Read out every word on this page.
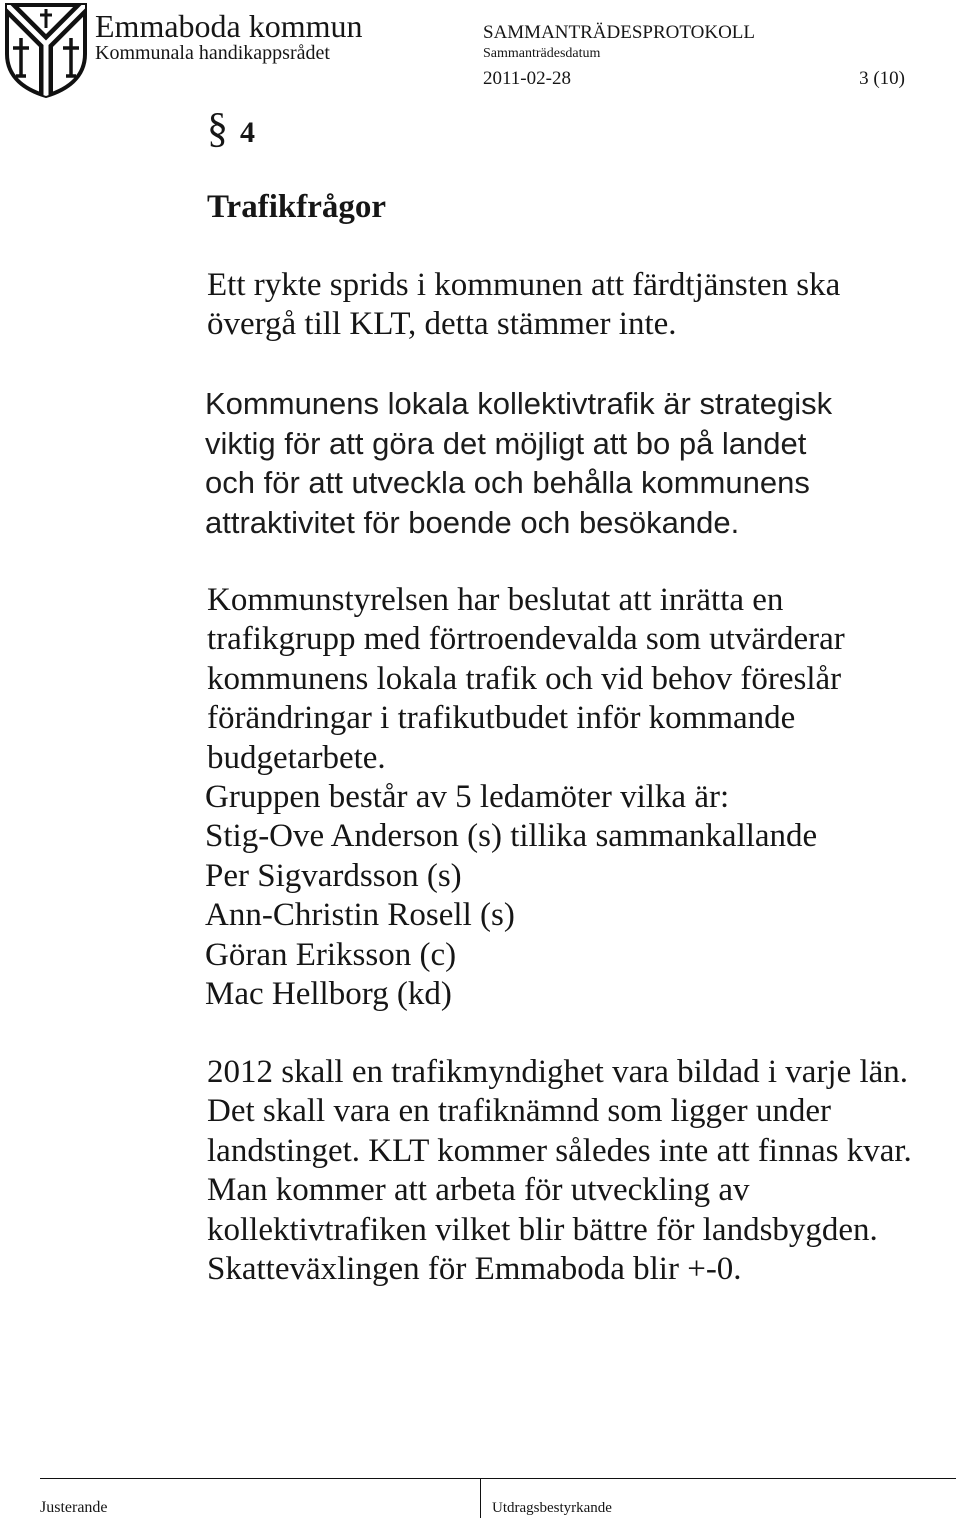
Emmaboda kommun
Kommunala handikappsrådet
SAMMANTRÄDESPROTOKOLL
Sammanträdesdatum
2011-02-28	3 (10)
§ 4
Trafikfrågor
Ett rykte sprids i kommunen att färdtjänsten ska
övergå till KLT, detta stämmer inte.
Kommunens lokala kollektivtrafik är strategisk
viktig för att göra det möjligt att bo på landet
och för att utveckla och behålla kommunens
attraktivitet för boende och besökande.
Kommunstyrelsen har beslutat att inrätta en
trafikgrupp med förtroendevalda som utvärderar
kommunens lokala trafik och vid behov föreslår
förändringar i trafikutbudet inför kommande
budgetarbete.
Gruppen består av 5 ledamöter vilka är:
Stig-Ove Anderson (s) tillika sammankallande
Per Sigvardsson (s)
Ann-Christin Rosell (s)
Göran Eriksson (c)
Mac Hellborg (kd)
2012 skall en trafikmyndighet vara bildad i varje län.
Det skall vara en trafiknämnd som ligger under
landstinget. KLT kommer således inte att finnas kvar.
Man kommer att arbeta för utveckling av
kollektivtrafiken vilket blir bättre för landsbygden.
Skatteväxlingen för Emmaboda blir +-0.
Justerande	Utdragsbestyrkande
